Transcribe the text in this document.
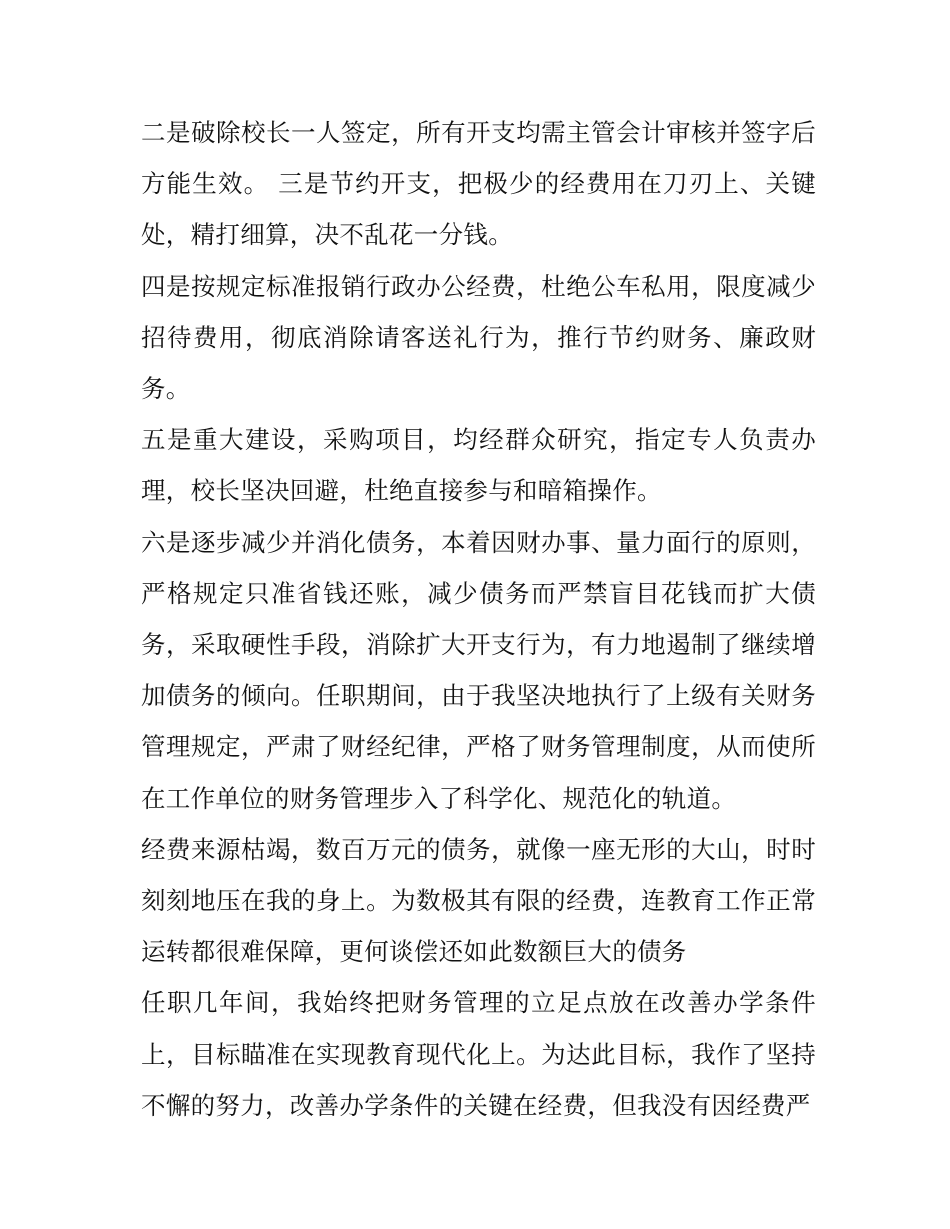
二是破除校长一人签定，所有开支均需主管会计审核并签字后方能生效。 三是节约开支，把极少的经费用在刀刃上、关键处，精打细算，决不乱花一分钱。

四是按规定标准报销行政办公经费，杜绝公车私用，限度减少招待费用，彻底消除请客送礼行为，推行节约财务、廉政财务。

五是重大建设，采购项目，均经群众研究，指定专人负责办理，校长坚决回避，杜绝直接参与和暗箱操作。

六是逐步减少并消化债务，本着因财办事、量力面行的原则，严格规定只准省钱还账，减少债务而严禁盲目花钱而扩大债务，采取硬性手段，消除扩大开支行为，有力地遏制了继续增加债务的倾向。任职期间，由于我坚决地执行了上级有关财务管理规定，严肃了财经纪律，严格了财务管理制度，从而使所在工作单位的财务管理步入了科学化、规范化的轨道。

经费来源枯竭，数百万元的债务，就像一座无形的大山，时时刻刻地压在我的身上。为数极其有限的经费，连教育工作正常运转都很难保障，更何谈偿还如此数额巨大的债务

任职几年间，我始终把财务管理的立足点放在改善办学条件上，目标瞄准在实现教育现代化上。为达此目标，我作了坚持不懈的努力，改善办学条件的关键在经费，但我没有因经费严
